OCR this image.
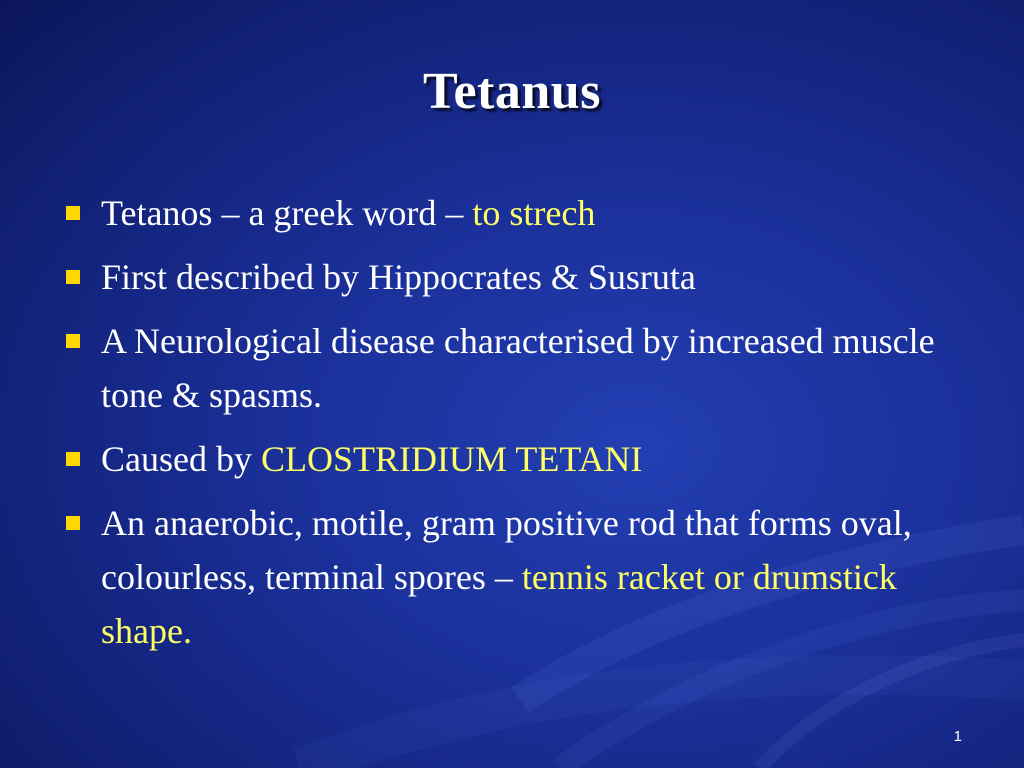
Tetanus
Tetanos – a greek word – to strech
First described by Hippocrates & Susruta
A Neurological disease characterised by increased muscle tone & spasms.
Caused by CLOSTRIDIUM TETANI
An anaerobic, motile, gram positive rod that forms oval, colourless, terminal spores – tennis racket or drumstick shape.
1
